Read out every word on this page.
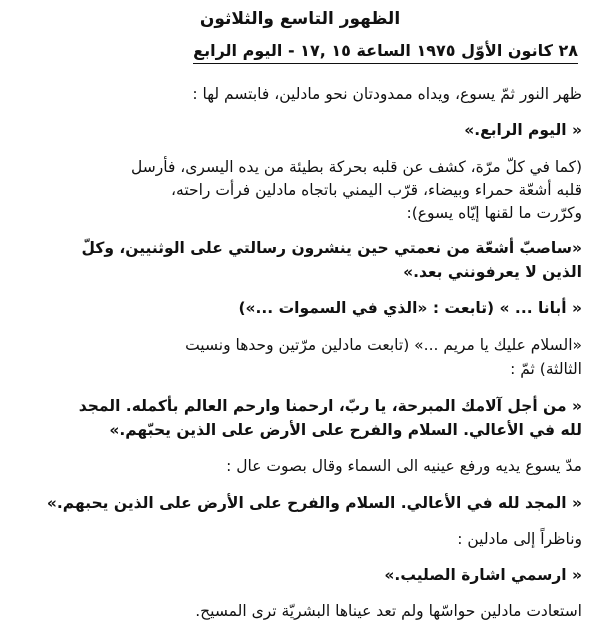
الظهور التاسع والثلاثون
٢٨ كانون الأوّل ١٩٧٥ الساعة ١٥ ,١٧ - اليوم الرابع
ظهر النور ثمّ يسوع، ويداه ممدودتان نحو مادلين، فابتسم لها :
« اليوم الرابع.»
(كما في كلّ مرّة، كشف عن قلبه بحركة بطيئة من يده اليسرى، فأرسل
قلبه أشعّة حمراء وبيضاء، قرّب اليمني باتجاه مادلين فرأت راحته،
وكرّرت ما لقنها إيّاه يسوع):
«ساصبّ أشعّة من نعمتي حين ينشرون رسالتي على الوثنيين، وكلّ
الذين لا يعرفونني بعد.»
« أبانا ... » (تابعت : «الذي في السموات ...»)
«السلام عليك يا مريم ...» (تابعت مادلين مرّتين وحدها ونسيت
الثالثة) ثمّ :
« من أجل آلامك المبرحة، يا ربّ، ارحمنا وارحم العالم بأكمله. المجد
لله في الأعالي. السلام والفرح على الأرض على الذين يحبّهم.»
مدّ يسوع يديه ورفع عينيه الى السماء وقال بصوت عال :
« المجد لله في الأعالي. السلام والفرح على الأرض على الذين يحبهم.»
وناظراً إلى مادلين :
« ارسمي اشارة الصليب.»
استعادت مادلين حواسّها ولم تعد عيناها البشريّة ترى المسيح.
